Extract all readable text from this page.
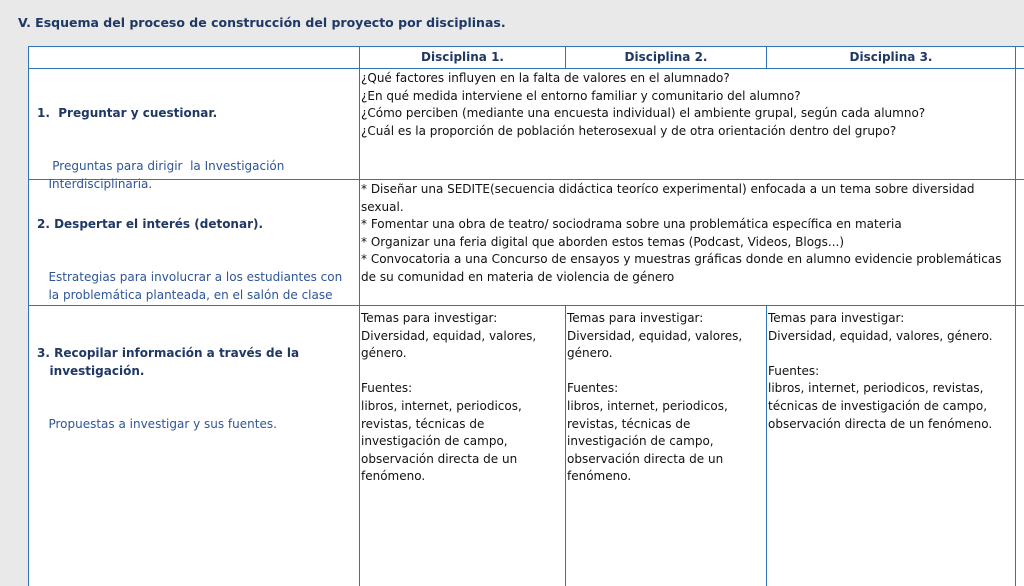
V. Esquema del proceso de construcción del proyecto por disciplinas.
Disciplina 1.	Disciplina 2.	Disciplina 3.

1.  Preguntar y cuestionar.

Preguntas para dirigir  la Investigación
Interdisciplinaria.

¿Qué factores influyen en la falta de valores en el alumnado?
¿En qué medida interviene el entorno familiar y comunitario del alumno?
¿Cómo perciben (mediante una encuesta individual) el ambiente grupal, según cada alumno?
¿Cuál es la proporción de población heterosexual y de otra orientación dentro del grupo?

2. Despertar el interés (detonar).

Estrategias para involucrar a los estudiantes con
la problemática planteada, en el salón de clase

* Diseñar una SEDITE(secuencia didáctica teoríco experimental) enfocada a un tema sobre diversidad sexual.
* Fomentar una obra de teatro/ sociodrama sobre una problemática específica en materia
* Organizar una feria digital que aborden estos temas (Podcast, Videos, Blogs...)
* Convocatoria a una Concurso de ensayos y muestras gráficas donde en alumno evidencie problemáticas de su comunidad en materia de violencia de género

3. Recopilar información a través de la
investigación.

Propuestas a investigar y sus fuentes.

Temas para investigar:
Diversidad, equidad, valores, género.

Fuentes:
libros, internet, periodicos, revistas, técnicas de investigación de campo, observación directa de un fenómeno.
Temas para investigar:
Diversidad, equidad, valores, género.

Fuentes:
libros, internet, periodicos, revistas, técnicas de investigación de campo, observación directa de un fenómeno.
Temas para investigar:
Diversidad, equidad, valores, género.

Fuentes:
libros, internet, periodicos, revistas, técnicas de investigación de campo, observación directa de un fenómeno.
